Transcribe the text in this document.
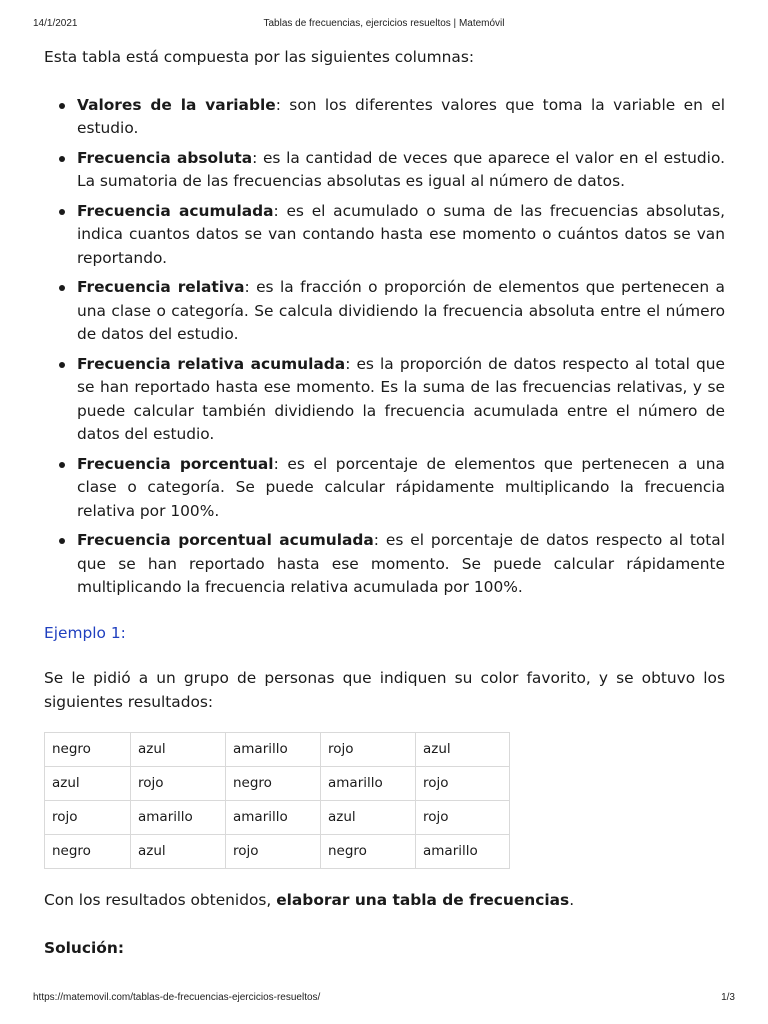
14/1/2021	Tablas de frecuencias, ejercicios resueltos | Matemóvil

Esta tabla está compuesta por las siguientes columnas:

Valores de la variable: son los diferentes valores que toma la variable en el estudio.
Frecuencia absoluta: es la cantidad de veces que aparece el valor en el estudio. La sumatoria de las frecuencias absolutas es igual al número de datos.
Frecuencia acumulada: es el acumulado o suma de las frecuencias absolutas, indica cuantos datos se van contando hasta ese momento o cuántos datos se van reportando.
Frecuencia relativa: es la fracción o proporción de elementos que pertenecen a una clase o categoría. Se calcula dividiendo la frecuencia absoluta entre el número de datos del estudio.
Frecuencia relativa acumulada: es la proporción de datos respecto al total que se han reportado hasta ese momento. Es la suma de las frecuencias relativas, y se puede calcular también dividiendo la frecuencia acumulada entre el número de datos del estudio.
Frecuencia porcentual: es el porcentaje de elementos que pertenecen a una clase o categoría. Se puede calcular rápidamente multiplicando la frecuencia relativa por 100%.
Frecuencia porcentual acumulada: es el porcentaje de datos respecto al total que se han reportado hasta ese momento. Se puede calcular rápidamente multiplicando la frecuencia relativa acumulada por 100%.

Ejemplo 1:

Se le pidió a un grupo de personas que indiquen su color favorito, y se obtuvo los siguientes resultados:

negro	azul	amarillo	rojo	azul
azul	rojo	negro	amarillo	rojo
rojo	amarillo	amarillo	azul	rojo
negro	azul	rojo	negro	amarillo

Con los resultados obtenidos, elaborar una tabla de frecuencias.

Solución:

https://matemovil.com/tablas-de-frecuencias-ejercicios-resueltos/	1/3
